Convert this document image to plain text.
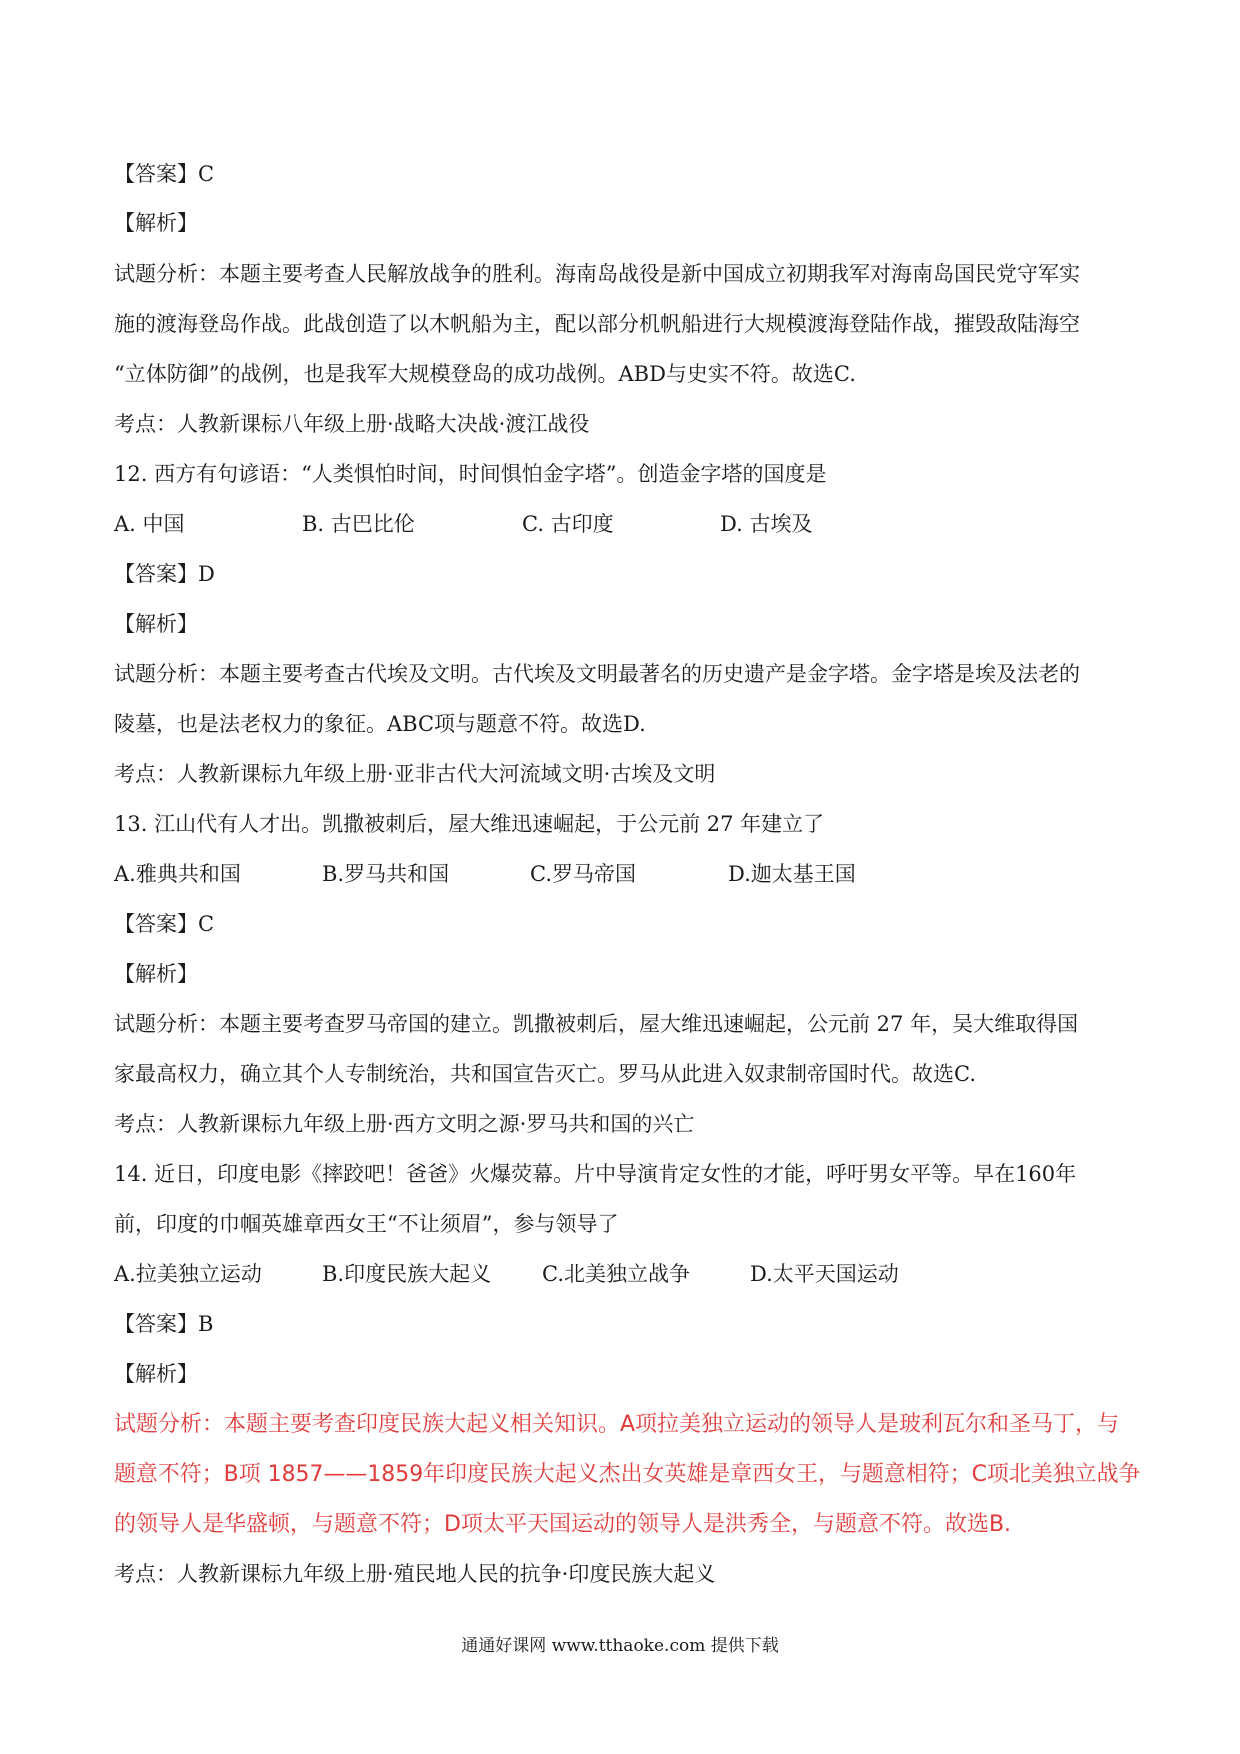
【答案】C
【解析】
试题分析：本题主要考查人民解放战争的胜利。海南岛战役是新中国成立初期我军对海南岛国民党守军实
施的渡海登岛作战。此战创造了以木帆船为主，配以部分机帆船进行大规模渡海登陆作战，摧毁敌陆海空
“立体防御”的战例，也是我军大规模登岛的成功战例。ABD与史实不符。故选C.
考点：人教新课标八年级上册·战略大决战·渡江战役
12. 西方有句谚语：“人类惧怕时间，时间惧怕金字塔”。创造金字塔的国度是
A. 中国	B. 古巴比伦	C. 古印度	D. 古埃及
【答案】D
【解析】
试题分析：本题主要考查古代埃及文明。古代埃及文明最著名的历史遗产是金字塔。金字塔是埃及法老的
陵墓，也是法老权力的象征。ABC项与题意不符。故选D.
考点：人教新课标九年级上册·亚非古代大河流域文明·古埃及文明
13. 江山代有人才出。凯撒被刺后，屋大维迅速崛起，于公元前 27 年建立了
A.雅典共和国	B.罗马共和国	C.罗马帝国	D.迦太基王国
【答案】C
【解析】
试题分析：本题主要考查罗马帝国的建立。凯撒被刺后，屋大维迅速崛起，公元前 27 年，吴大维取得国
家最高权力，确立其个人专制统治，共和国宣告灭亡。罗马从此进入奴隶制帝国时代。故选C.
考点：人教新课标九年级上册·西方文明之源·罗马共和国的兴亡
14. 近日，印度电影《摔跤吧！爸爸》火爆荧幕。片中导演肯定女性的才能，呼吁男女平等。早在160年
前，印度的巾帼英雄章西女王“不让须眉”，参与领导了
A.拉美独立运动	B.印度民族大起义 C.北美独立战争	D.太平天国运动
【答案】B
【解析】
试题分析：本题主要考查印度民族大起义相关知识。A项拉美独立运动的领导人是玻利瓦尔和圣马丁，与
题意不符；B项 1857——1859年印度民族大起义杰出女英雄是章西女王，与题意相符；C项北美独立战争
的领导人是华盛顿，与题意不符；D项太平天国运动的领导人是洪秀全，与题意不符。故选B.
考点：人教新课标九年级上册·殖民地人民的抗争·印度民族大起义
通通好课网 www.tthaoke.com 提供下载
